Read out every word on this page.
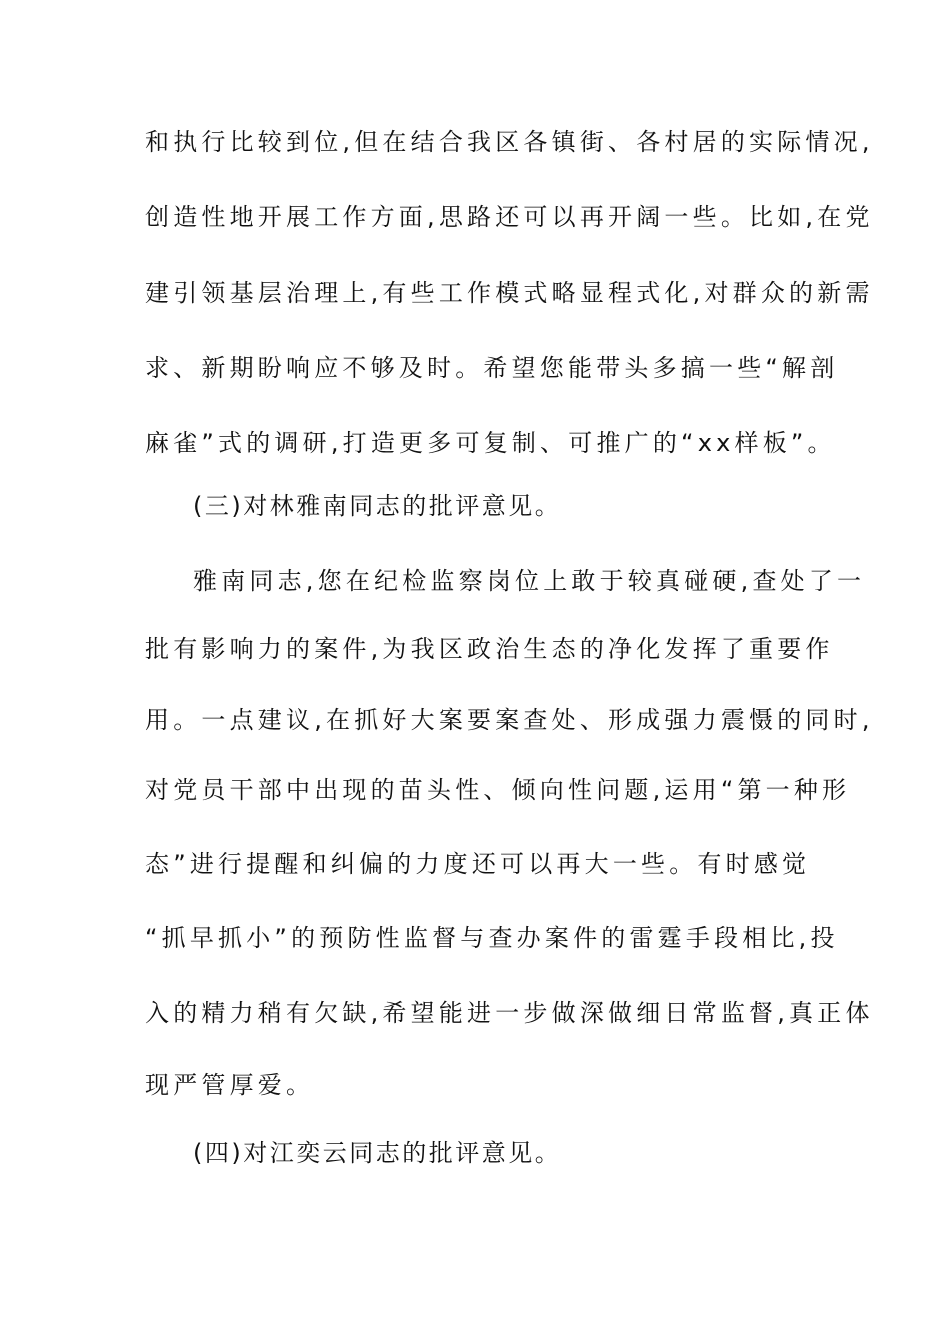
和执行比较到位,但在结合我区各镇街、各村居的实际情况,
创造性地开展工作方面,思路还可以再开阔一些。比如,在党
建引领基层治理上,有些工作模式略显程式化,对群众的新需
求、新期盼响应不够及时。希望您能带头多搞一些“解剖
麻雀”式的调研,打造更多可复制、可推广的“xx样板”。
(三)对林雅南同志的批评意见。
雅南同志,您在纪检监察岗位上敢于较真碰硬,查处了一
批有影响力的案件,为我区政治生态的净化发挥了重要作
用。一点建议,在抓好大案要案查处、形成强力震慑的同时,
对党员干部中出现的苗头性、倾向性问题,运用“第一种形
态”进行提醒和纠偏的力度还可以再大一些。有时感觉
“抓早抓小”的预防性监督与查办案件的雷霆手段相比,投
入的精力稍有欠缺,希望能进一步做深做细日常监督,真正体
现严管厚爱。
(四)对江奕云同志的批评意见。
